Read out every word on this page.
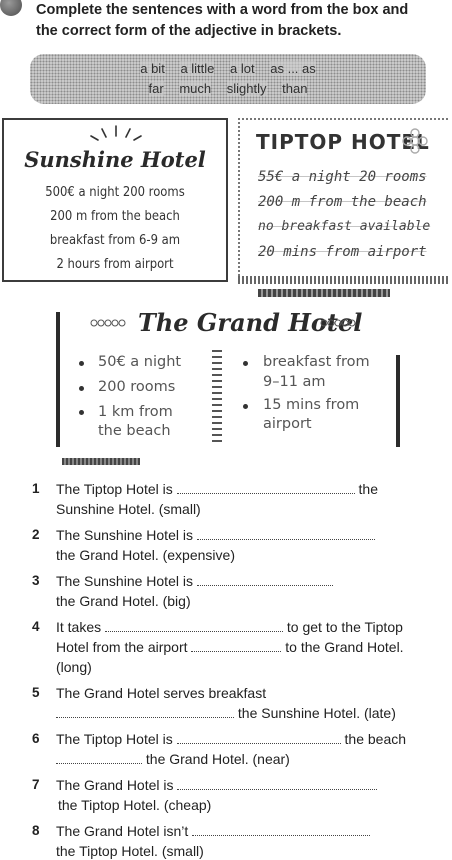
Complete the sentences with a word from the box and
the correct form of the adjective in brackets.
a bit a little a lot as ... as
far much slightly than
Sunshine Hotel
500€ a night 200 rooms
200 m from the beach
breakfast from 6-9 am
2 hours from airport
TIPTOP HOTEL
55€ a night 20 rooms
200 m from the beach
no breakfast available
20 mins from airport
The Grand Hotel
50€ a night
200 rooms
1 km from
the beach
breakfast from
9–11 am
15 mins from
airport
1 The Tiptop Hotel is	the
Sunshine Hotel. (small)
2 The Sunshine Hotel is
the Grand Hotel. (expensive)
3 The Sunshine Hotel is
the Grand Hotel. (big)
4 It takes	to get to the Tiptop
Hotel from the airport	to the Grand Hotel.
(long)
5 The Grand Hotel serves breakfast
the Sunshine Hotel. (late)
6 The Tiptop Hotel is	the beach
the Grand Hotel. (near)
7 The Grand Hotel is
the Tiptop Hotel. (cheap)
8 The Grand Hotel isn’t
the Tiptop Hotel. (small)
